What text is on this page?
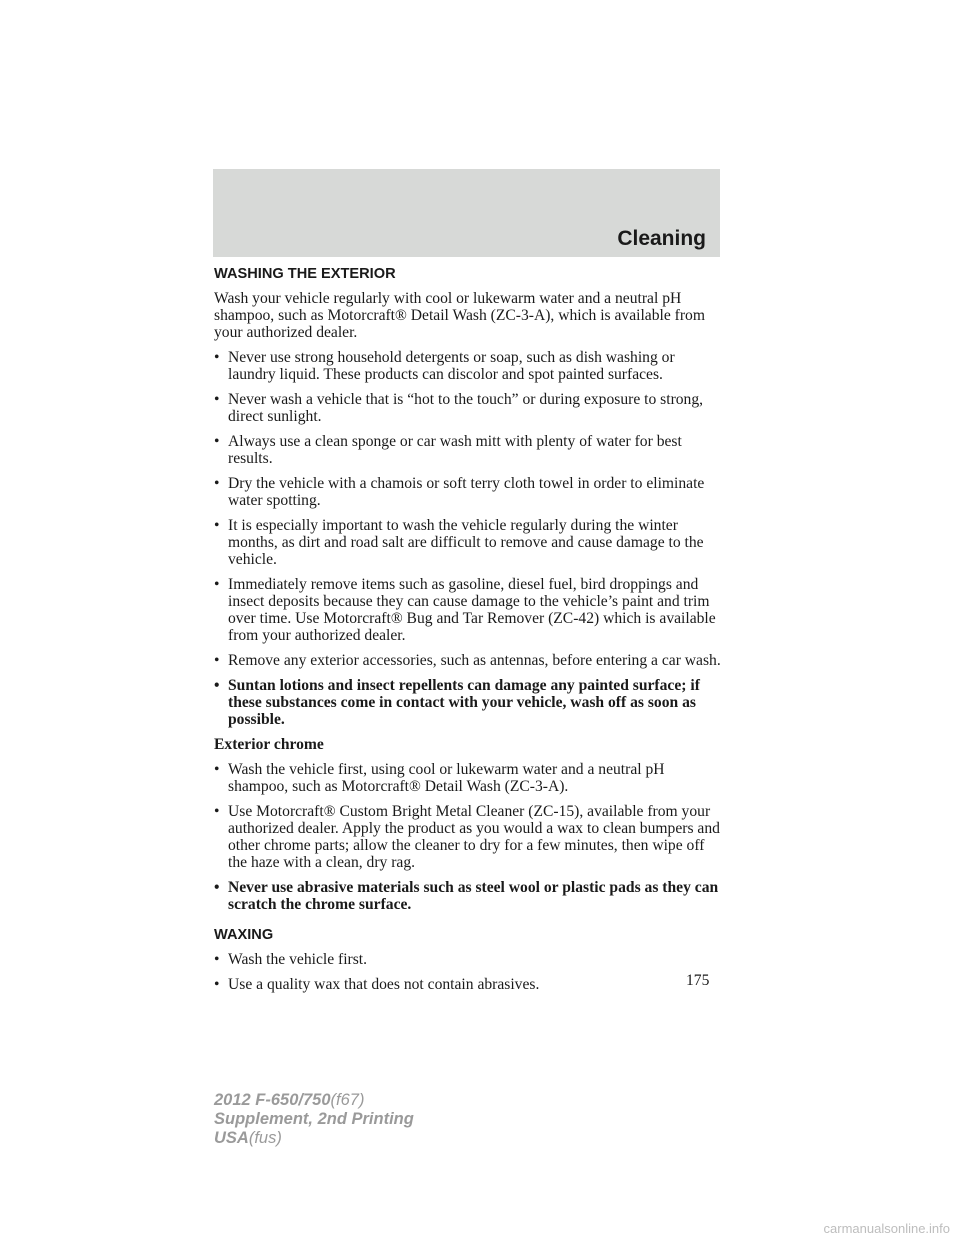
Cleaning
WASHING THE EXTERIOR
Wash your vehicle regularly with cool or lukewarm water and a neutral pH shampoo, such as Motorcraft® Detail Wash (ZC-3-A), which is available from your authorized dealer.
• Never use strong household detergents or soap, such as dish washing or laundry liquid. These products can discolor and spot painted surfaces.
• Never wash a vehicle that is “hot to the touch” or during exposure to strong, direct sunlight.
• Always use a clean sponge or car wash mitt with plenty of water for best results.
• Dry the vehicle with a chamois or soft terry cloth towel in order to eliminate water spotting.
• It is especially important to wash the vehicle regularly during the winter months, as dirt and road salt are difficult to remove and cause damage to the vehicle.
• Immediately remove items such as gasoline, diesel fuel, bird droppings and insect deposits because they can cause damage to the vehicle’s paint and trim over time. Use Motorcraft® Bug and Tar Remover (ZC-42) which is available from your authorized dealer.
• Remove any exterior accessories, such as antennas, before entering a car wash.
• Suntan lotions and insect repellents can damage any painted surface; if these substances come in contact with your vehicle, wash off as soon as possible.
Exterior chrome
• Wash the vehicle first, using cool or lukewarm water and a neutral pH shampoo, such as Motorcraft® Detail Wash (ZC-3-A).
• Use Motorcraft® Custom Bright Metal Cleaner (ZC-15), available from your authorized dealer. Apply the product as you would a wax to clean bumpers and other chrome parts; allow the cleaner to dry for a few minutes, then wipe off the haze with a clean, dry rag.
• Never use abrasive materials such as steel wool or plastic pads as they can scratch the chrome surface.
WAXING
• Wash the vehicle first.
• Use a quality wax that does not contain abrasives.	175
2012 F-650/750(f67)
Supplement, 2nd Printing
USA(fus)
carmanualsonline.info
